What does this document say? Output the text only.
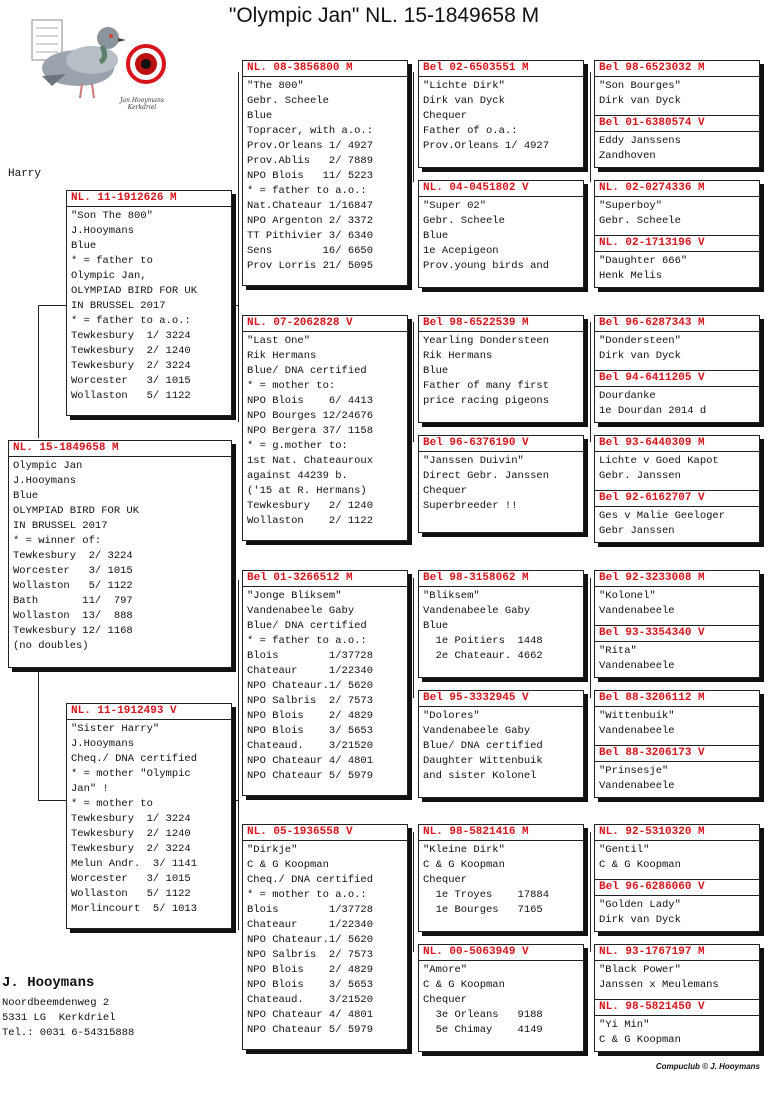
"Olympic Jan" NL. 15-1849658 M
Jan Hooymans
Kerkdriel
Harry
NL. 15-1849658 M
Olympic Jan
J.Hooymans
Blue
OLYMPIAD BIRD FOR UK
IN BRUSSEL 2017
* = winner of:
Tewkesbury  2/ 3224
Worcester   3/ 1015
Wollaston   5/ 1122
Bath       11/  797
Wollaston  13/  888
Tewkesbury 12/ 1168
(no doubles)
NL. 11-1912626 M
"Son The 800"
J.Hooymans
Blue
* = father to
Olympic Jan,
OLYMPIAD BIRD FOR UK
IN BRUSSEL 2017
* = father to a.o.:
Tewkesbury  1/ 3224
Tewkesbury  2/ 1240
Tewkesbury  2/ 3224
Worcester   3/ 1015
Wollaston   5/ 1122
NL. 11-1912493 V
"Sister Harry"
J.Hooymans
Cheq./ DNA certified
* = mother "Olympic
Jan" !
* = mother to
Tewkesbury  1/ 3224
Tewkesbury  2/ 1240
Tewkesbury  2/ 3224
Melun Andr.  3/ 1141
Worcester   3/ 1015
Wollaston   5/ 1122
Morlincourt  5/ 1013
NL. 08-3856800 M
"The 800"
Gebr. Scheele
Blue
Topracer, with a.o.:
Prov.Orleans 1/ 4927
Prov.Ablis   2/ 7889
NPO Blois   11/ 5223
* = father to a.o.:
Nat.Chateaur 1/16847
NPO Argenton 2/ 3372
TT Pithivier 3/ 6340
Sens        16/ 6650
Prov Lorris 21/ 5095
NL. 07-2062828 V
"Last One"
Rik Hermans
Blue/ DNA certified
* = mother to:
NPO Blois    6/ 4413
NPO Bourges 12/24676
NPO Bergera 37/ 1158
* = g.mother to:
1st Nat. Chateauroux
against 44239 b.
('15 at R. Hermans)
Tewkesbury   2/ 1240
Wollaston    2/ 1122
Bel 01-3266512 M
"Jonge Bliksem"
Vandenabeele Gaby
Blue/ DNA certified
* = father to a.o.:
Blois        1/37728
Chateaur     1/22340
NPO Chateaur.1/ 5620
NPO Salbris  2/ 7573
NPO Blois    2/ 4829
NPO Blois    3/ 5653
Chateaud.    3/21520
NPO Chateaur 4/ 4801
NPO Chateaur 5/ 5979
NL. 05-1936558 V
"Dirkje"
C & G Koopman
Cheq./ DNA certified
* = mother to a.o.:
Blois        1/37728
Chateaur     1/22340
NPO Chateaur.1/ 5620
NPO Salbris  2/ 7573
NPO Blois    2/ 4829
NPO Blois    3/ 5653
Chateaud.    3/21520
NPO Chateaur 4/ 4801
NPO Chateaur 5/ 5979
Bel 02-6503551 M
"Lichte Dirk"
Dirk van Dyck
Chequer
Father of o.a.:
Prov.Orleans 1/ 4927
NL. 04-0451802 V
"Super 02"
Gebr. Scheele
Blue
1e Acepigeon
Prov.young birds and
Bel 98-6522539 M
Yearling Dondersteen
Rik Hermans
Blue
Father of many first
price racing pigeons
Bel 96-6376190 V
"Janssen Duivin"
Direct Gebr. Janssen
Chequer
Superbreeder !!
Bel 98-3158062 M
"Bliksem"
Vandenabeele Gaby
Blue
1e Poitiers  1448
2e Chateaur. 4662
Bel 95-3332945 V
"Dolores"
Vandenabeele Gaby
Blue/ DNA certified
Daughter Wittenbuik
and sister Kolonel
NL. 98-5821416 M
"Kleine Dirk"
C & G Koopman
Chequer
1e Troyes    17884
1e Bourges   7165
NL. 00-5063949 V
"Amore"
C & G Koopman
Chequer
3e Orleans   9188
5e Chimay    4149
Bel 98-6523032 M
"Son Bourges"
Dirk van Dyck
Bel 01-6380574 V
Eddy Janssens
Zandhoven
NL. 02-0274336 M
"Superboy"
Gebr. Scheele
NL. 02-1713196 V
"Daughter 666"
Henk Melis
Bel 96-6287343 M
"Dondersteen"
Dirk van Dyck
Bel 94-6411205 V
Dourdanke
1e Dourdan 2014 d
Bel 93-6440309 M
Lichte v Goed Kapot
Gebr. Janssen
Bel 92-6162707 V
Ges v Malie Geeloger
Gebr Janssen
Bel 92-3233008 M
"Kolonel"
Vandenabeele
Bel 93-3354340 V
"Rita"
Vandenabeele
Bel 88-3206112 M
"Wittenbuik"
Vandenabeele
Bel 88-3206173 V
"Prinsesje"
Vandenabeele
NL. 92-5310320 M
"Gentil"
C & G Koopman
Bel 96-6286060 V
"Golden Lady"
Dirk van Dyck
NL. 93-1767197 M
"Black Power"
Janssen x Meulemans
NL. 98-5821450 V
"Yi Min"
C & G Koopman
J. Hooymans
Noordbeemdenweg 2
5331 LG  Kerkdriel
Tel.: 0031 6-54315888
Compuclub © J. Hooymans
